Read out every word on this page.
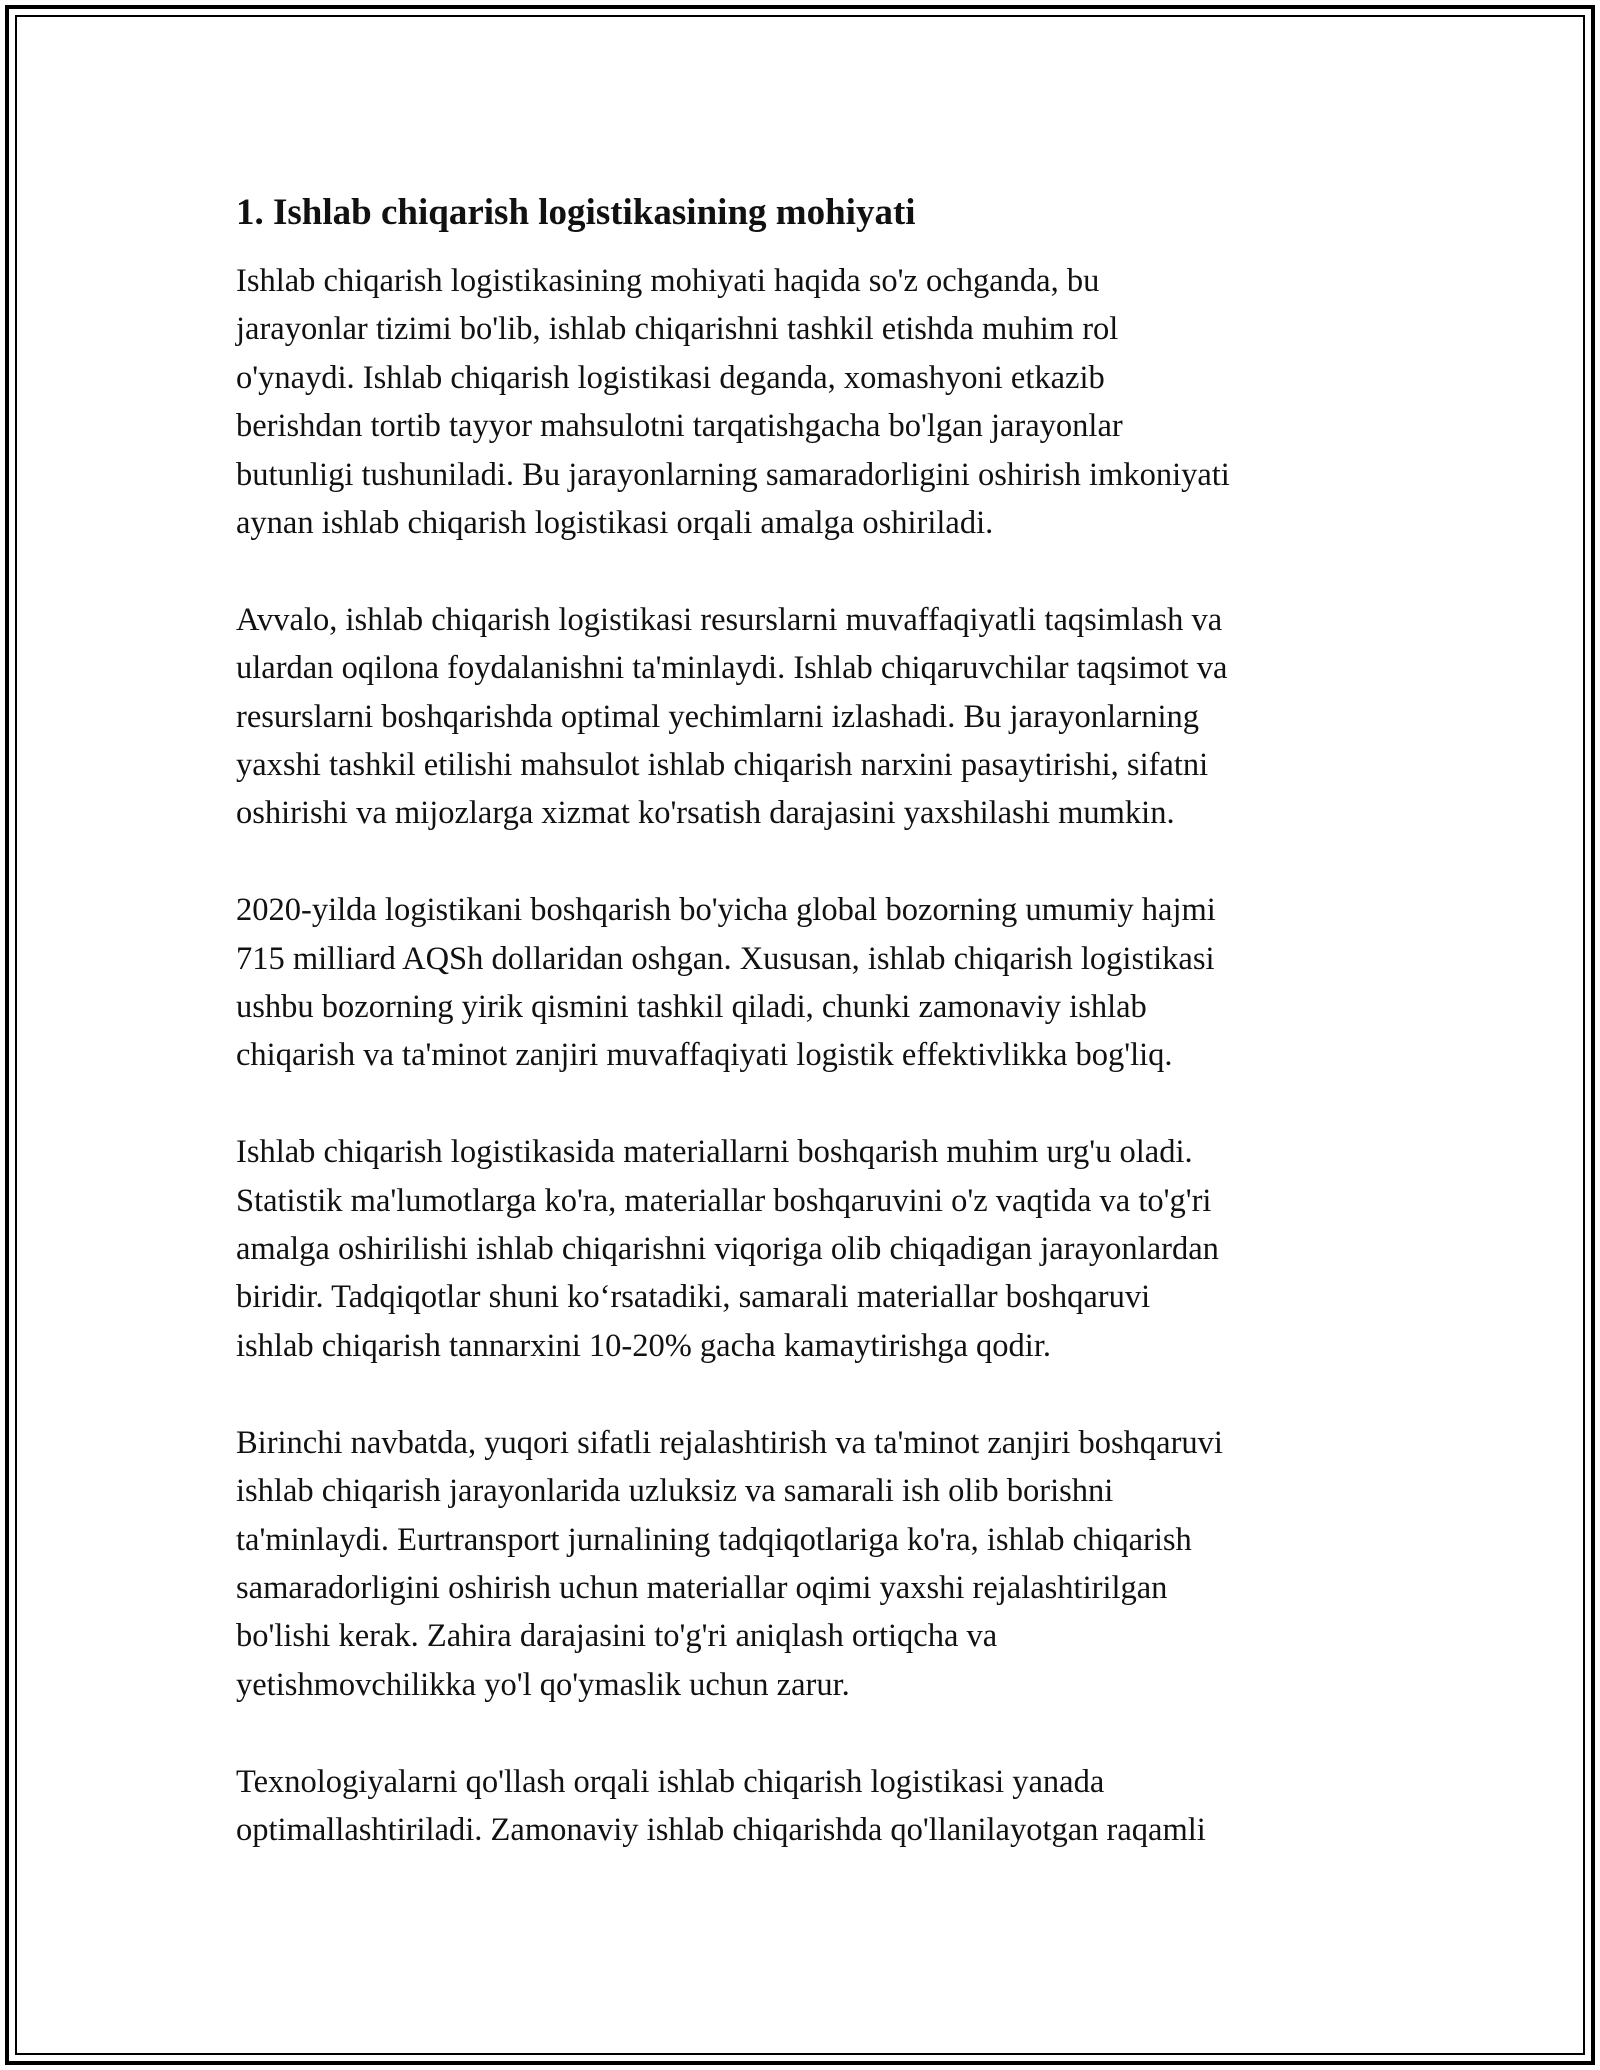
1. Ishlab chiqarish logistikasining mohiyati
Ishlab chiqarish logistikasining mohiyati haqida so'z ochganda, bu
jarayonlar tizimi bo'lib, ishlab chiqarishni tashkil etishda muhim rol
o'ynaydi. Ishlab chiqarish logistikasi deganda, xomashyoni etkazib
berishdan tortib tayyor mahsulotni tarqatishgacha bo'lgan jarayonlar
butunligi tushuniladi. Bu jarayonlarning samaradorligini oshirish imkoniyati
aynan ishlab chiqarish logistikasi orqali amalga oshiriladi.
Avvalo, ishlab chiqarish logistikasi resurslarni muvaffaqiyatli taqsimlash va
ulardan oqilona foydalanishni ta'minlaydi. Ishlab chiqaruvchilar taqsimot va
resurslarni boshqarishda optimal yechimlarni izlashadi. Bu jarayonlarning
yaxshi tashkil etilishi mahsulot ishlab chiqarish narxini pasaytirishi, sifatni
oshirishi va mijozlarga xizmat ko'rsatish darajasini yaxshilashi mumkin.
2020-yilda logistikani boshqarish bo'yicha global bozorning umumiy hajmi
715 milliard AQSh dollaridan oshgan. Xususan, ishlab chiqarish logistikasi
ushbu bozorning yirik qismini tashkil qiladi, chunki zamonaviy ishlab
chiqarish va ta'minot zanjiri muvaffaqiyati logistik effektivlikka bog'liq.
Ishlab chiqarish logistikasida materiallarni boshqarish muhim urg'u oladi.
Statistik ma'lumotlarga ko'ra, materiallar boshqaruvini o'z vaqtida va to'g'ri
amalga oshirilishi ishlab chiqarishni viqoriga olib chiqadigan jarayonlardan
biridir. Tadqiqotlar shuni ko‘rsatadiki, samarali materiallar boshqaruvi
ishlab chiqarish tannarxini 10-20% gacha kamaytirishga qodir.
Birinchi navbatda, yuqori sifatli rejalashtirish va ta'minot zanjiri boshqaruvi
ishlab chiqarish jarayonlarida uzluksiz va samarali ish olib borishni
ta'minlaydi. Eurtransport jurnalining tadqiqotlariga ko'ra, ishlab chiqarish
samaradorligini oshirish uchun materiallar oqimi yaxshi rejalashtirilgan
bo'lishi kerak. Zahira darajasini to'g'ri aniqlash ortiqcha va
yetishmovchilikka yo'l qo'ymaslik uchun zarur.
Texnologiyalarni qo'llash orqali ishlab chiqarish logistikasi yanada
optimallashtiriladi. Zamonaviy ishlab chiqarishda qo'llanilayotgan raqamli
